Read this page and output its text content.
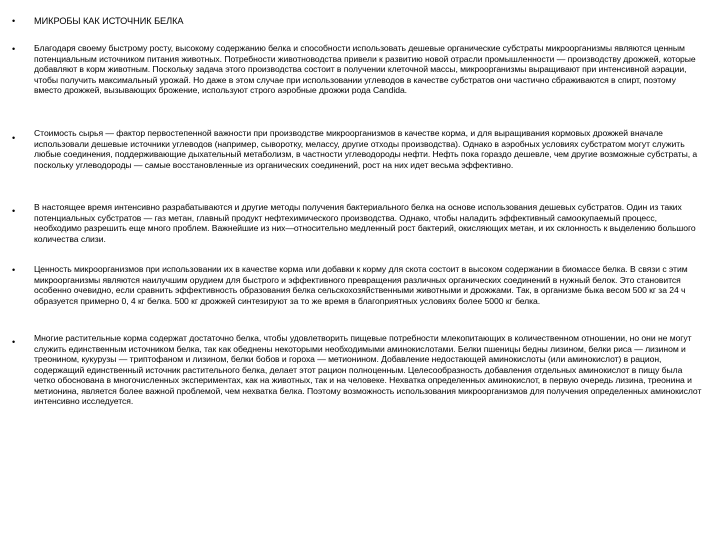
•	МИКРОБЫ КАК ИСТОЧНИК БЕЛКА
•	Благодаря своему быстрому росту, высокому содержанию белка и способности использовать дешевые органические субстраты микроорганизмы являются ценным потенциальным источником питания животных. Потребности животноводства привели к развитию новой отрасли промышленности — производству дрожжей, которые добавляют в корм животным. Поскольку задача этого производства состоит в получении клеточной массы, микроорганизмы выращивают при интенсивной аэрации, чтобы получить максимальный урожай. Но даже в этом случае при использовании углеводов в качестве субстратов они частично сбраживаются в спирт, поэтому вместо дрожжей, вызывающих брожение, используют строго аэробные дрожжи рода Candida.
•	Стоимость сырья — фактор первостепенной важности при производстве микроорганизмов в качестве корма, и для выращивания кормовых дрожжей вначале использовали дешевые источники углеводов (например, сыворотку, мелассу, другие отходы производства). Однако в аэробных условиях субстратом могут служить любые соединения, поддерживающие дыхательный метаболизм, в частности углеводороды нефти. Нефть пока гораздо дешевле, чем другие возможные субстраты, а поскольку углеводороды — самые восстановленные из органических соединений, рост на них идет весьма эффективно.
•	В настоящее время интенсивно разрабатываются и другие методы получения бактериального белка на основе использования дешевых субстратов. Один из таких потенциальных субстратов — газ метан, главный продукт нефтехимического производства. Однако, чтобы наладить эффективный самоокупаемый процесс, необходимо разрешить еще много проблем. Важнейшие из них—относительно медленный рост бактерий, окисляющих метан, и их склонность к выделению большого количества слизи.
•	Ценность микроорганизмов при использовании их в качестве корма или добавки к корму для скота состоит в высоком содержании в биомассе белка. В связи с этим микроорганизмы являются наилучшим орудием для быстрого и эффективного превращения различных органических соединений в нужный белок. Это становится особенно очевидно, если сравнить эффективность образования белка сельскохозяйственными животными и дрожжами. Так, в организме быка весом 500 кг за 24 ч образуется примерно 0, 4 кг белка. 500 кг дрожжей синтезируют за то же время в благоприятных условиях более 5000 кг белка.
•	Многие растительные корма содержат достаточно белка, чтобы удовлетворить пищевые потребности млекопитающих в количественном отношении, но они не могут служить единственным источником белка, так как обеднены некоторыми необходимыми аминокислотами. Белки пшеницы бедны лизином, белки риса — лизином и треонином, кукурузы — триптофаном и лизином, белки бобов и гороха — метионином. Добавление недостающей аминокислоты (или аминокислот) в рацион, содержащий единственный источник растительного белка, делает этот рацион полноценным. Целесообразность добавления отдельных аминокислот в пищу была четко обоснована в многочисленных экспериментах, как на животных, так и на человеке. Нехватка определенных аминокислот, в первую очередь лизина, треонина и метионина, является более важной проблемой, чем нехватка белка. Поэтому возможность использования микроорганизмов для получения определенных аминокислот интенсивно исследуется.
